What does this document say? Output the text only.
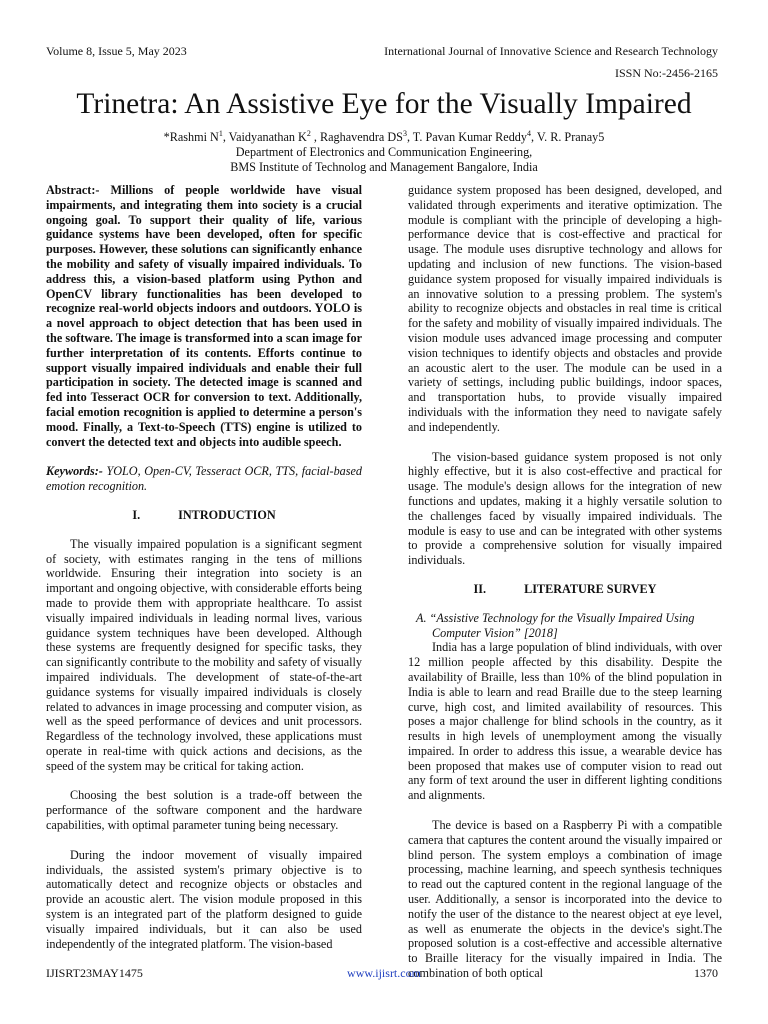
Volume 8, Issue 5, May 2023	International Journal of Innovative Science and Research Technology
ISSN No:-2456-2165
Trinetra: An Assistive Eye for the Visually Impaired
*Rashmi $N^1$, Vaidyanathan $K^2$ , Raghavendra $DS^3$, T. Pavan Kumar Reddy$^4$, V. R. Pranay5
Department of Electronics and Communication Engineering,
BMS Institute of Technolog and Management Bangalore, India

Abstract:- Millions of people worldwide have visual impairments, and integrating them into society is a crucial ongoing goal. To support their quality of life, various guidance systems have been developed, often for specific purposes. However, these solutions can significantly enhance the mobility and safety of visually impaired individuals. To address this, a vision-based platform using Python and OpenCV library functionalities has been developed to recognize real-world objects indoors and outdoors. YOLO is a novel approach to object detection that has been used in the software. The image is transformed into a scan image for further interpretation of its contents. Efforts continue to support visually impaired individuals and enable their full participation in society. The detected image is scanned and fed into Tesseract OCR for conversion to text. Additionally, facial emotion recognition is applied to determine a person's mood. Finally, a Text-to-Speech (TTS) engine is utilized to convert the detected text and objects into audible speech.

Keywords:- YOLO, Open-CV, Tesseract OCR, TTS, facial-based emotion recognition.

I.	INTRODUCTION

The visually impaired population is a significant segment of society, with estimates ranging in the tens of millions worldwide. Ensuring their integration into society is an important and ongoing objective, with considerable efforts being made to provide them with appropriate healthcare. To assist visually impaired individuals in leading normal lives, various guidance system techniques have been developed. Although these systems are frequently designed for specific tasks, they can significantly contribute to the mobility and safety of visually impaired individuals. The development of state-of-the-art guidance systems for visually impaired individuals is closely related to advances in image processing and computer vision, as well as the speed performance of devices and unit processors. Regardless of the technology involved, these applications must operate in real-time with quick actions and decisions, as the speed of the system may be critical for taking action.

Choosing the best solution is a trade-off between the performance of the software component and the hardware capabilities, with optimal parameter tuning being necessary.

During the indoor movement of visually impaired individuals, the assisted system's primary objective is to automatically detect and recognize objects or obstacles and provide an acoustic alert. The vision module proposed in this system is an integrated part of the platform designed to guide visually impaired individuals, but it can also be used independently of the integrated platform. The vision-based

guidance system proposed has been designed, developed, and validated through experiments and iterative optimization. The module is compliant with the principle of developing a high-performance device that is cost-effective and practical for usage. The module uses disruptive technology and allows for updating and inclusion of new functions. The vision-based guidance system proposed for visually impaired individuals is an innovative solution to a pressing problem. The system's ability to recognize objects and obstacles in real time is critical for the safety and mobility of visually impaired individuals. The vision module uses advanced image processing and computer vision techniques to identify objects and obstacles and provide an acoustic alert to the user. The module can be used in a variety of settings, including public buildings, indoor spaces, and transportation hubs, to provide visually impaired individuals with the information they need to navigate safely and independently.

The vision-based guidance system proposed is not only highly effective, but it is also cost-effective and practical for usage. The module's design allows for the integration of new functions and updates, making it a highly versatile solution to the challenges faced by visually impaired individuals. The module is easy to use and can be integrated with other systems to provide a comprehensive solution for visually impaired individuals.

II.	LITERATURE SURVEY

A. “Assistive Technology for the Visually Impaired Using Computer Vision” [2018]

India has a large population of blind individuals, with over 12 million people affected by this disability. Despite the availability of Braille, less than 10% of the blind population in India is able to learn and read Braille due to the steep learning curve, high cost, and limited availability of resources. This poses a major challenge for blind schools in the country, as it results in high levels of unemployment among the visually impaired. In order to address this issue, a wearable device has been proposed that makes use of computer vision to read out any form of text around the user in different lighting conditions and alignments.

The device is based on a Raspberry Pi with a compatible camera that captures the content around the visually impaired or blind person. The system employs a combination of image processing, machine learning, and speech synthesis techniques to read out the captured content in the regional language of the user. Additionally, a sensor is incorporated into the device to notify the user of the distance to the nearest object at eye level, as well as enumerate the objects in the device's sight.The proposed solution is a cost-effective and accessible alternative to Braille literacy for the visually impaired in India. The combination of both optical

IJISRT23MAY1475	www.ijisrt.com	1370
